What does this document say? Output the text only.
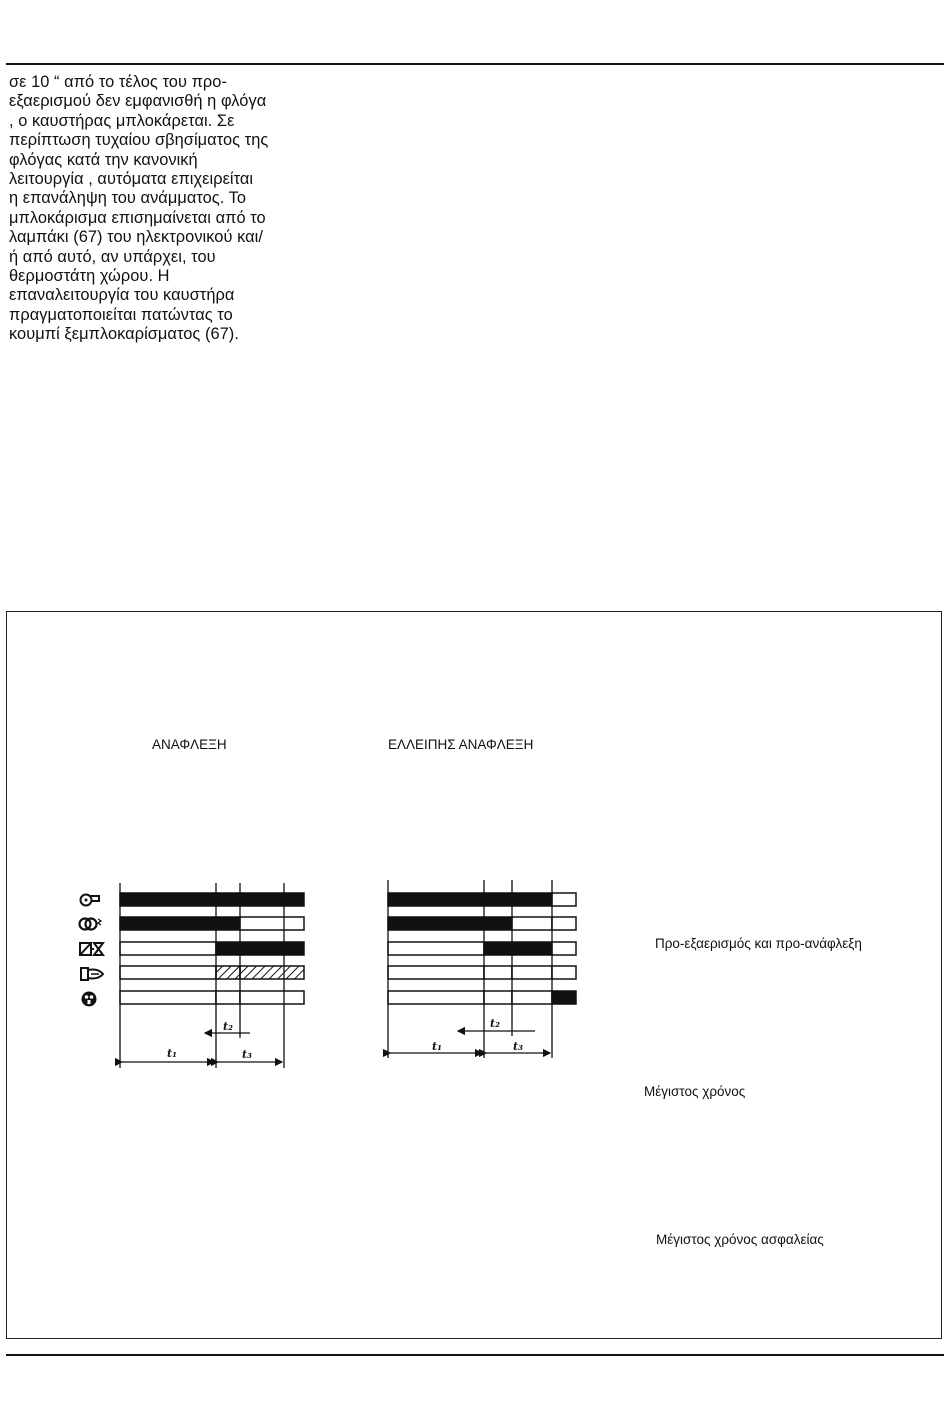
σε 10 “ από το τέλος του προ-
εξαερισμού δεν εμφανισθή η φλόγα
, ο καυστήρας μπλοκάρεται. Σε
περίπτωση τυχαίου σβησίματος της
φλόγας κατά την κανονική
λειτουργία , αυτόματα επιχειρείται
η επανάληψη του ανάμματος. Το
μπλοκάρισμα επισημαίνεται από το
λαμπάκι (67) του ηλεκτρονικού και/
ή από αυτό, αν υπάρχει, του
θερμοστάτη χώρου. Η
επαναλειτουργία του καυστήρα
πραγματοποιείται πατώντας το
κουμπί ξεμπλοκαρίσματος (67).
ΑΝΑΦΛΕΞΗ	ΕΛΛΕΙΠΗΣ ΑΝΑΦΛΕΞΗ
Προ-εξαερισμός και προ-ανάφλεξη
Μέγιστος χρόνος
Μέγιστος χρόνος ασφαλείας
t₁
t₂
t₃
t₁
t₂
t₃
